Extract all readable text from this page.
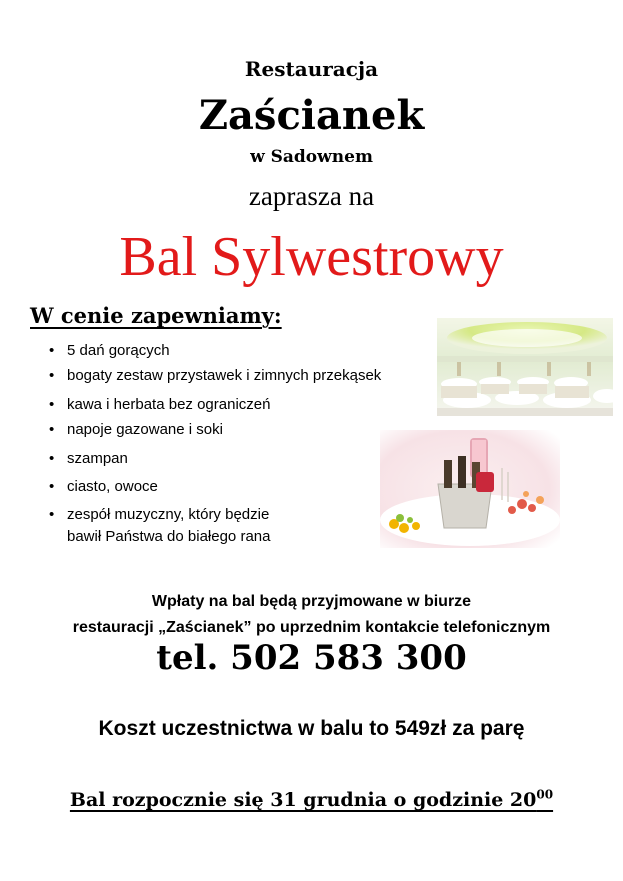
Restauracja
Zaścianek
w Sadownem
zaprasza na
Bal Sylwestrowy
W cenie zapewniamy:
• 5 dań gorących
• bogaty zestaw przystawek i zimnych przekąsek
• kawa i herbata bez ograniczeń
• napoje gazowane i soki
• szampan
• ciasto, owoce
• zespół muzyczny, który będzie
bawił Państwa do białego rana
Wpłaty na bal będą przyjmowane w biurze
restauracji „Zaścianek” po uprzednim kontakcie telefonicznym
tel. 502 583 300
Koszt uczestnictwa w balu to 549zł za parę
Bal rozpocznie się 31 grudnia o godzinie $20^{00}$
